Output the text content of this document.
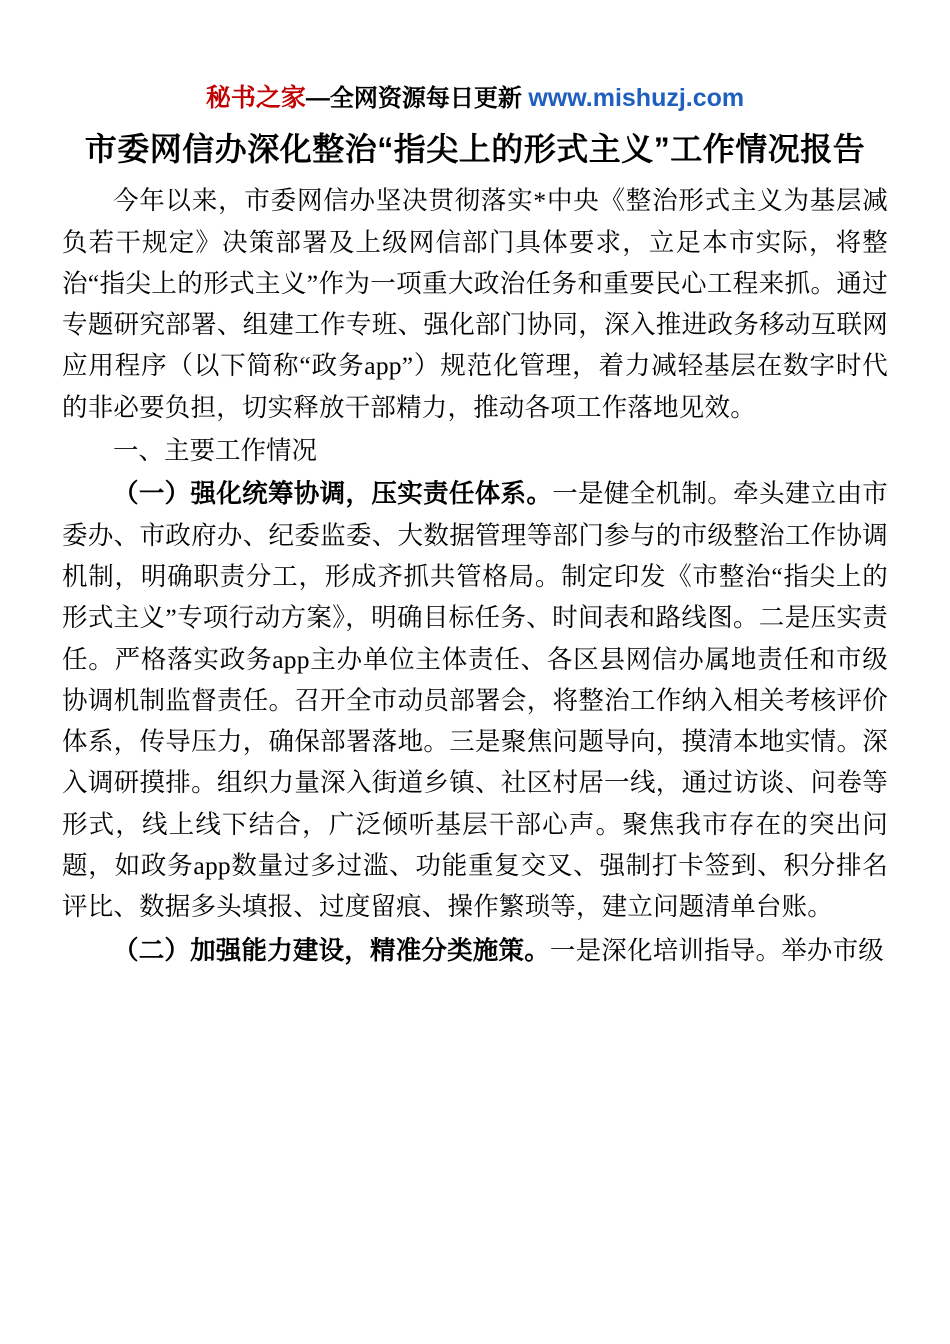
秘书之家—全网资源每日更新 www.mishuzj.com
市委网信办深化整治“指尖上的形式主义”工作情况报告

今年以来，市委网信办坚决贯彻落实*中央《整治形式主义为基层减负若干规定》决策部署及上级网信部门具体要求，立足本市实际，将整治“指尖上的形式主义”作为一项重大政治任务和重要民心工程来抓。通过专题研究部署、组建工作专班、强化部门协同，深入推进政务移动互联网应用程序（以下简称“政务app”）规范化管理，着力减轻基层在数字时代的非必要负担，切实释放干部精力，推动各项工作落地见效。

一、主要工作情况

（一）强化统筹协调，压实责任体系。一是健全机制。牵头建立由市委办、市政府办、纪委监委、大数据管理等部门参与的市级整治工作协调机制，明确职责分工，形成齐抓共管格局。制定印发《市整治“指尖上的形式主义”专项行动方案》，明确目标任务、时间表和路线图。二是压实责任。严格落实政务app主办单位主体责任、各区县网信办属地责任和市级协调机制监督责任。召开全市动员部署会，将整治工作纳入相关考核评价体系，传导压力，确保部署落地。三是聚焦问题导向，摸清本地实情。深入调研摸排。组织力量深入街道乡镇、社区村居一线，通过访谈、问卷等形式，线上线下结合，广泛倾听基层干部心声。聚焦我市存在的突出问题，如政务app数量过多过滥、功能重复交叉、强制打卡签到、积分排名评比、数据多头填报、过度留痕、操作繁琐等，建立问题清单台账。

（二）加强能力建设，精准分类施策。一是深化培训指导。举办市级
